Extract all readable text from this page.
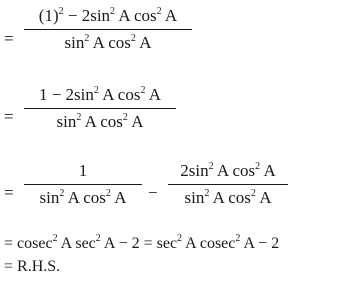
=
$(1)^2 - 2\sin^2$ A $\cos^2 A$
$\sin^2 A$ $\cos^2 A$
=
$1 - 2\sin^2$ A $\cos^2 A$
$\sin^2 A$ $\cos^2 A$
=
1
$\sin^2 A$ $\cos^2 A$	−
$2\sin^2$ A $\cos^2 A$
$\sin^2 A$ $\cos^2 A$
= cosec$^2$ A $\sec^2 A - 2 = \sec^2 A$ cosec$^2$ A − 2
= R.H.S.
